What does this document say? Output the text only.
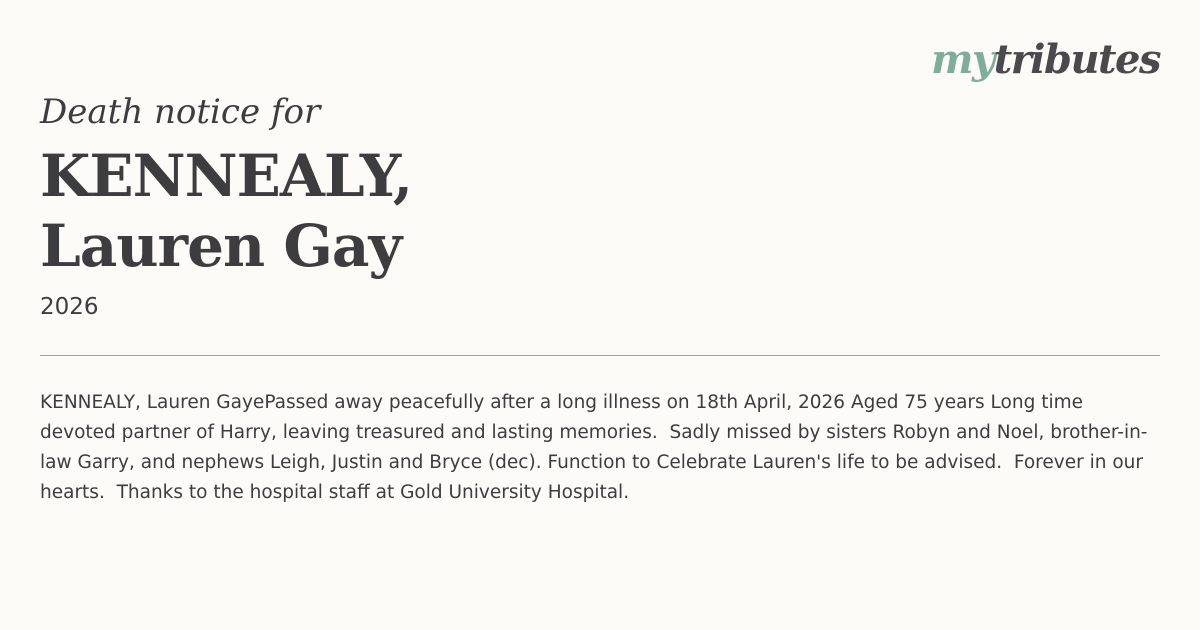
mytributes
Death notice for
KENNEALY,
Lauren Gay
2026
KENNEALY, Lauren GayePassed away peacefully after a long illness on 18th April, 2026 Aged 75 years Long time devoted partner of Harry, leaving treasured and lasting memories.  Sadly missed by sisters Robyn and Noel, brother-in-law Garry, and nephews Leigh, Justin and Bryce (dec). Function to Celebrate Lauren's life to be advised.  Forever in our hearts.  Thanks to the hospital staff at Gold University Hospital.
